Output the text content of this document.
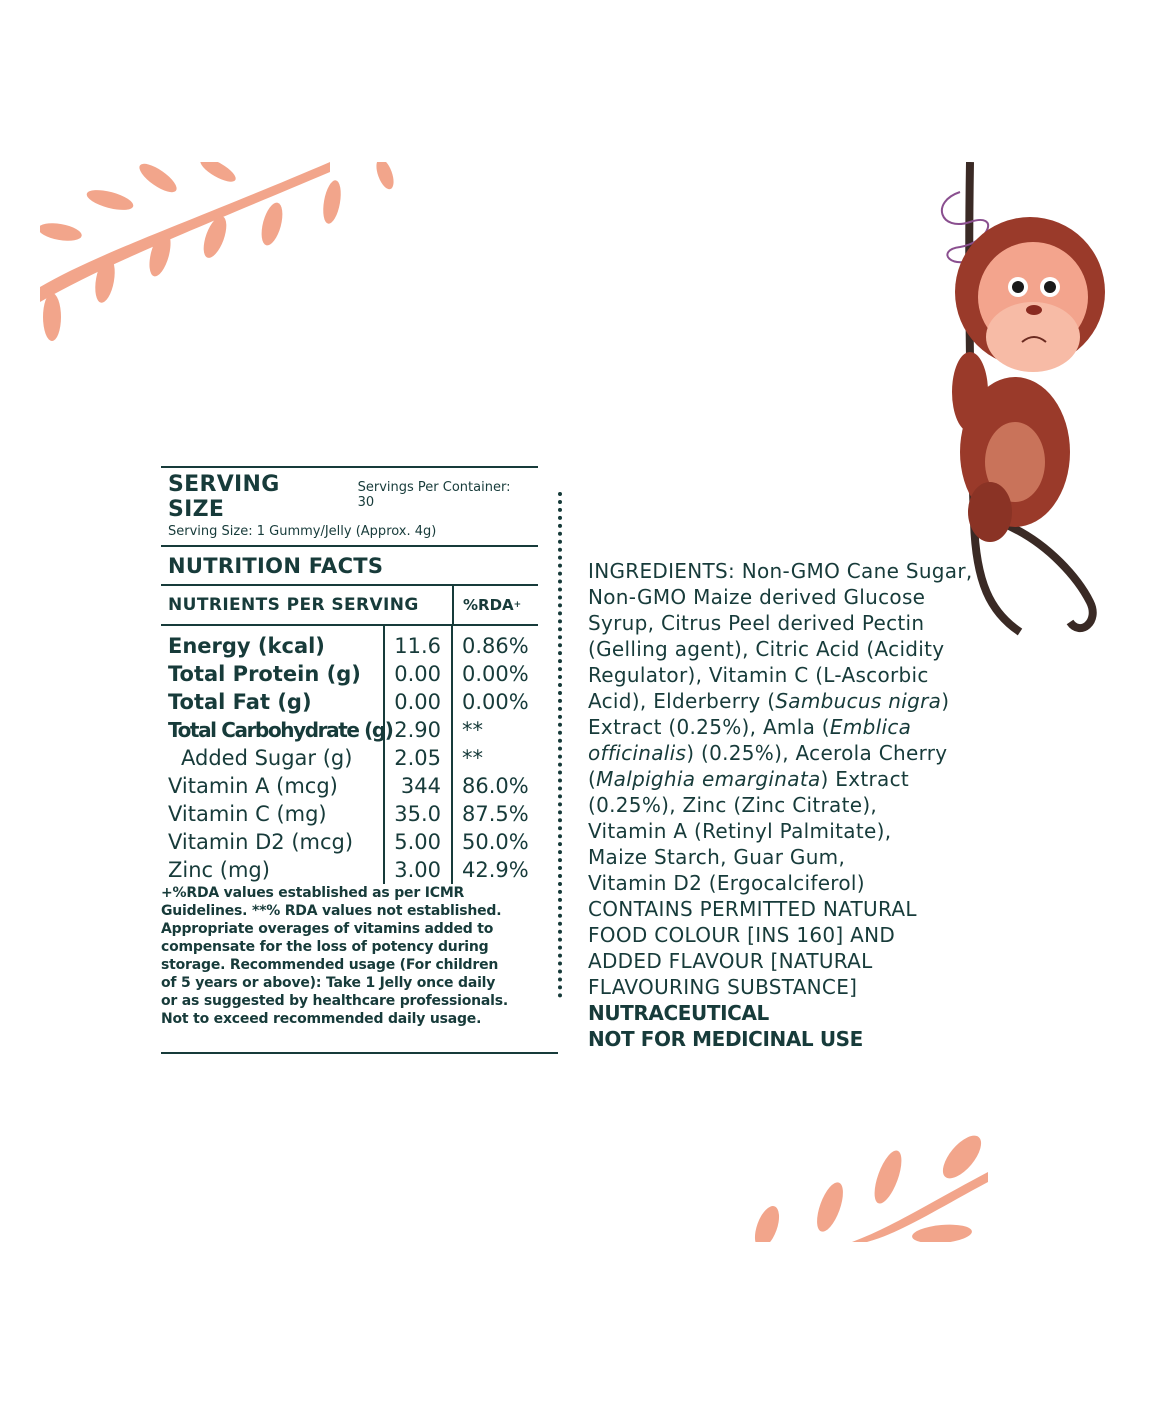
SERVING SIZE
Servings Per Container: 30
Serving Size: 1 Gummy/Jelly (Approx. 4g)
NUTRITION FACTS
NUTRIENTS PER SERVING	%RDA +
Energy (kcal)	11.6	0.86%
Total Protein (g)	0.00	0.00%
Total Fat (g)	0.00	0.00%
Total Carbohydrate (g) 2.90	**
Added Sugar (g)	2.05	**
Vitamin A (mcg)	344	86.0%
Vitamin C (mg)	35.0	87.5%
Vitamin D2 (mcg)	5.00	50.0%
Zinc (mg)	3.00	42.9%
+%RDA values established as per ICMR
Guidelines. **% RDA values not established.
Appropriate overages of vitamins added to
compensate for the loss of potency during
storage. Recommended usage (For children
of 5 years or above): Take 1 Jelly once daily
or as suggested by healthcare professionals.
Not to exceed recommended daily usage.
INGREDIENTS: Non-GMO Cane Sugar,
Non-GMO Maize derived Glucose
Syrup, Citrus Peel derived Pectin
(Gelling agent), Citric Acid (Acidity
Regulator), Vitamin C (L-Ascorbic
Acid), Elderberry (Sambucus nigra)
Extract (0.25%), Amla (Emblica
officinalis) (0.25%), Acerola Cherry
(Malpighia emarginata) Extract
(0.25%), Zinc (Zinc Citrate),
Vitamin A (Retinyl Palmitate),
Maize Starch, Guar Gum,
Vitamin D2 (Ergocalciferol)
CONTAINS PERMITTED NATURAL
FOOD COLOUR [INS 160] AND
ADDED FLAVOUR [NATURAL
FLAVOURING SUBSTANCE]
NUTRACEUTICAL
NOT FOR MEDICINAL USE
